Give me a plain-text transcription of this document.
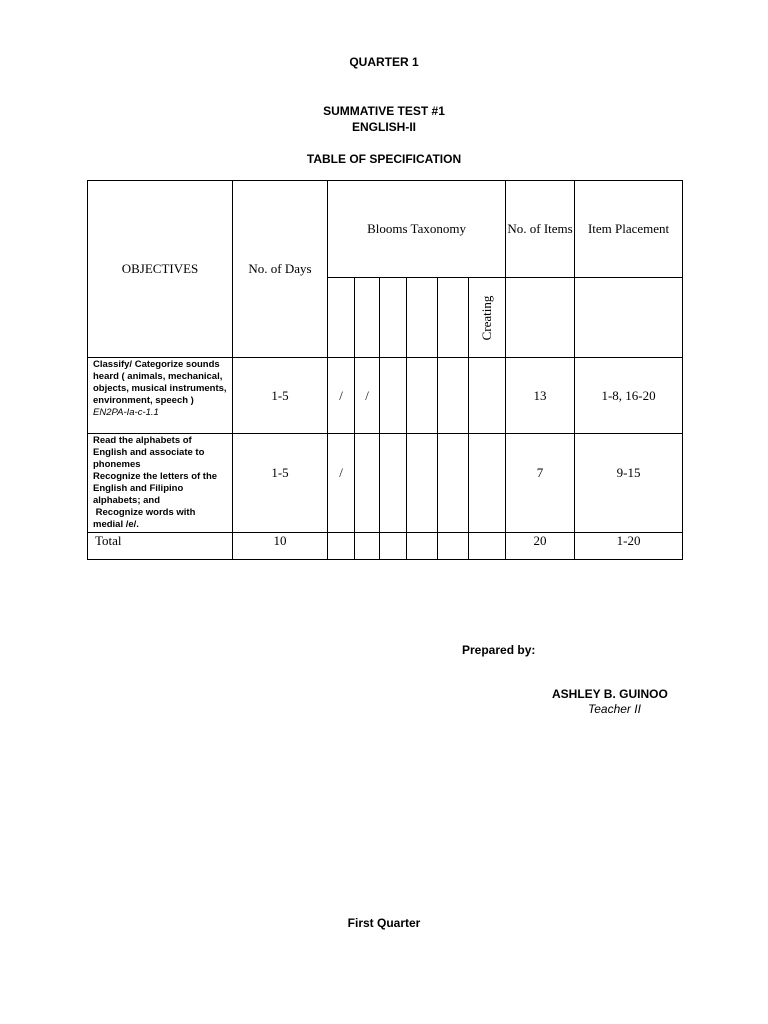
QUARTER 1
SUMMATIVE TEST #1
ENGLISH-II
TABLE OF SPECIFICATION
OBJECTIVES	No. of Days	Blooms Taxonomy						No. of Items	Item Placement

							Creating		

Classify/ Categorize sounds heard ( animals, mechanical, objects, musical instruments, environment, speech ) EN2PA-Ia-c-1.1	1-5	/	/					13	1-8, 16-20

Read the alphabets of English and associate to phonemes
Recognize the letters of the English and Filipino alphabets; and
Recognize words with medial /e/.	1-5	/						7	9-15
Total	10							20	1-20
Prepared by:
ASHLEY B. GUINOO
Teacher II
First Quarter
